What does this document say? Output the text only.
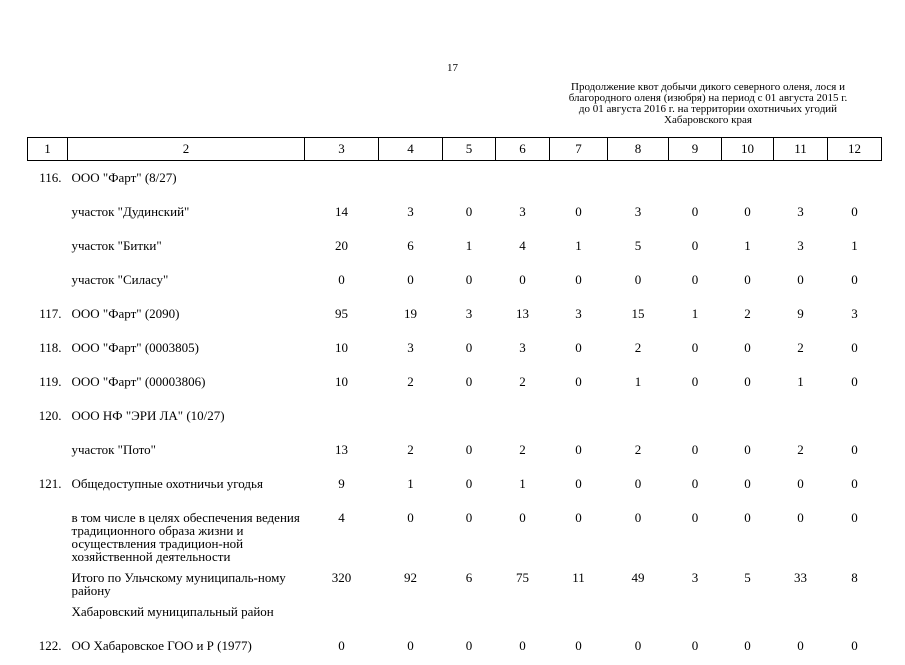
17
Продолжение квот добычи дикого северного оленя, лося и
благородного оленя (изюбря) на период с 01 августа 2015 г.
до 01 августа 2016 г. на территории охотничьих угодий
Хабаровского края
1	2	3	4	5	6	7	8	9	10	11	12
116.	ООО "Фарт" (8/27)										
	участок "Дудинский"	14	3	0	3	0	3	0	0	3	0
	участок "Битки"	20	6	1	4	1	5	0	1	3	1
	участок "Силасу"	0	0	0	0	0	0	0	0	0	0
117.	ООО "Фарт" (2090)	95	19	3	13	3	15	1	2	9	3
118.	ООО "Фарт" (0003805)	10	3	0	3	0	2	0	0	2	0
119.	ООО "Фарт" (00003806)	10	2	0	2	0	1	0	0	1	0
120.	ООО НФ "ЭРИ ЛА" (10/27)										
	участок "Пото"	13	2	0	2	0	2	0	0	2	0
121.	Общедоступные охотничьи угодья	9	1	0	1	0	0	0	0	0	0
	в том числе в целях обеспечения ведения традиционного образа жизни и осуществления традицион-ной хозяйственной деятельности	4	0	0	0	0	0	0	0	0	0
	Итого по Ульчскому муниципаль-ному району	320	92	6	75	11	49	3	5	33	8
	Хабаровский муниципальный район										
122.	ОО Хабаровское ГОО и Р (1977)	0	0	0	0	0	0	0	0	0	0
